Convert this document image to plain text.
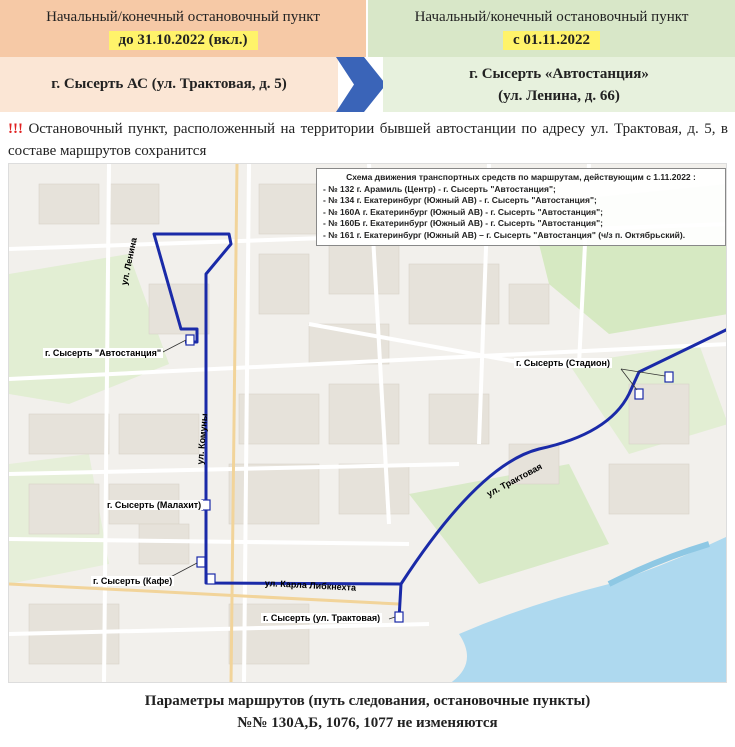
Начальный/конечный остановочный пункт
до 31.10.2022 (вкл.)
Начальный/конечный остановочный пункт
с 01.11.2022
г. Сысерть АС (ул. Трактовая, д. 5)
г. Сысерть «Автостанция»
(ул. Ленина, д. 66)
!!! Остановочный пункт, расположенный на территории бывшей автостанции по адресу ул. Трактовая, д. 5, в составе маршрутов сохранится
г. Сысерть "Автостанция"
г. Сысерть (Стадион)
г. Сысерть (Малахит)
г. Сысерть (Кафе)
г. Сысерть (ул. Трактовая)
ул. Ленина
ул. Комуны
ул. Трактовая
ул. Карла Либкнехта
Схема движения транспортных средств по маршрутам, действующим с 1.11.2022 :
- № 132 г. Арамиль (Центр) - г. Сысерть "Автостанция";
- № 134 г. Екатеринбург (Южный АВ) - г. Сысерть "Автостанция";
- № 160А г. Екатеринбург (Южный АВ) - г. Сысерть "Автостанция";
- № 160Б г. Екатеринбург (Южный АВ) - г. Сысерть "Автостанция";
- № 161 г. Екатеринбург (Южный АВ) – г. Сысерть "Автостанция" (ч/з п. Октябрьский).
Параметры маршрутов (путь следования, остановочные пункты)
№№ 130А,Б, 1076, 1077 не изменяются
